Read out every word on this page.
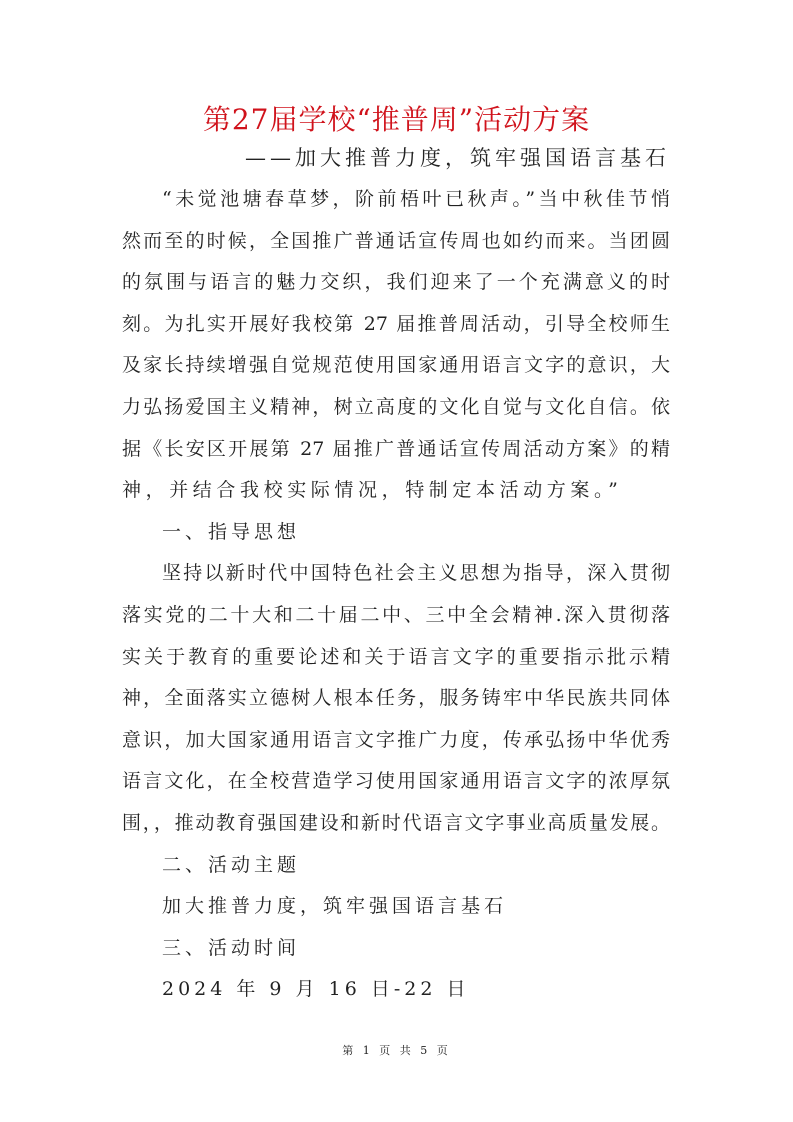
第27届学校“推普周”活动方案
——加大推普力度，筑牢强国语言基石
“未觉池塘春草梦，阶前梧叶已秋声。”当中秋佳节悄
然而至的时候，全国推广普通话宣传周也如约而来。当团圆
的氛围与语言的魅力交织，我们迎来了一个充满意义的时
刻。为扎实开展好我校第 27 届推普周活动，引导全校师生
及家长持续增强自觉规范使用国家通用语言文字的意识，大
力弘扬爱国主义精神，树立高度的文化自觉与文化自信。依
据《长安区开展第 27 届推广普通话宣传周活动方案》的精
神，并结合我校实际情况，特制定本活动方案。”
一、指导思想
坚持以新时代中国特色社会主义思想为指导，深入贯彻
落实党的二十大和二十届二中、三中全会精神.深入贯彻落
实关于教育的重要论述和关于语言文字的重要指示批示精
神，全面落实立德树人根本任务，服务铸牢中华民族共同体
意识，加大国家通用语言文字推广力度，传承弘扬中华优秀
语言文化，在全校营造学习使用国家通用语言文字的浓厚氛
围，，推动教育强国建设和新时代语言文字事业高质量发展。
二、活动主题
加大推普力度，筑牢强国语言基石
三、活动时间
2024 年 9 月 16 日-22 日
第 1 页 共 5 页
